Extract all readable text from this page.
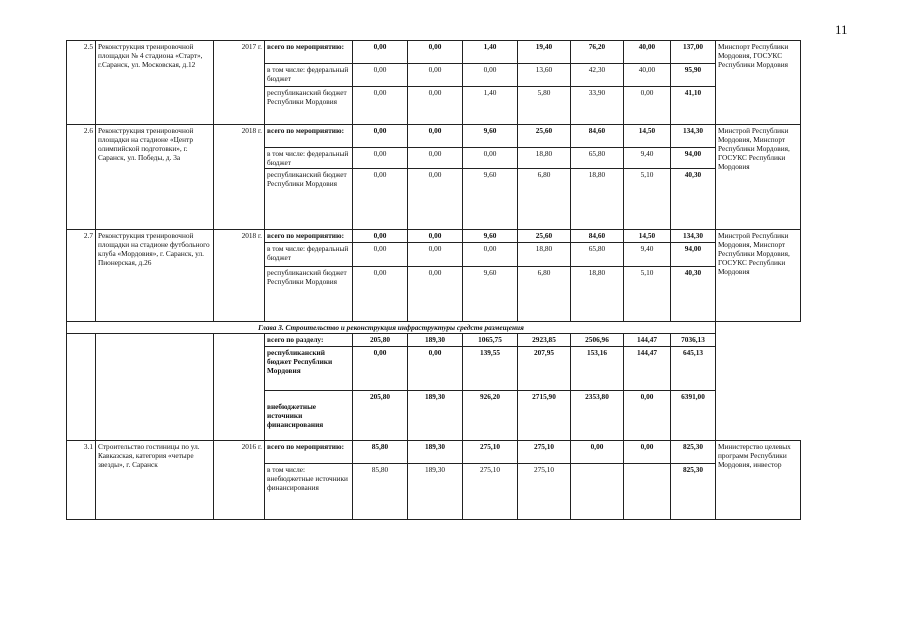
11
2.5	Реконструкция тренировочной площадки № 4 стадиона «Старт», г.Саранск, ул. Московская, д.12	2017 г.	всего по мероприятию:	0,00	0,00	1,40	19,40	76,20	40,00	137,00	Минспорт Республики Мордовия, ГОСУКС Республики Мордовия
			в том числе: федеральный бюджет	0,00	0,00	0,00	13,60	42,30	40,00	95,90	
			республиканский бюджет Республики Мордовия	0,00	0,00	1,40	5,80	33,90	0,00	41,10	
2.6	Реконструкция тренировочной площадки на стадионе «Центр олимпийской подготовки», г. Саранск, ул. Победы, д. 3а	2018 г.	всего по мероприятию:	0,00	0,00	9,60	25,60	84,60	14,50	134,30	Минстрой Республики Мордовия, Минспорт Республики Мордовия, ГОСУКС Республики Мордовия
			в том числе: федеральный бюджет	0,00	0,00	0,00	18,80	65,80	9,40	94,00	
			республиканский бюджет Республики Мордовия	0,00	0,00	9,60	6,80	18,80	5,10	40,30	
2.7	Реконструкция тренировочной площадки на стадионе футбольного клуба «Мордовия», г. Саранск, ул. Пионерская, д.26	2018 г.	всего по мероприятию:	0,00	0,00	9,60	25,60	84,60	14,50	134,30	Минстрой Республики Мордовия, Минспорт Республики Мордовия, ГОСУКС Республики Мордовия
			в том числе: федеральный бюджет	0,00	0,00	0,00	18,80	65,80	9,40	94,00	
			республиканский бюджет Республики Мордовия	0,00	0,00	9,60	6,80	18,80	5,10	40,30	
Глава 3. Строительство и реконструкция инфраструктуры средств размещения											
			всего по разделу:	205,80	189,30	1065,75	2923,85	2506,96	144,47	7036,13	
			республиканский бюджет Республики Мордовия	0,00	0,00	139,55	207,95	153,16	144,47	645,13	
			внебюджетные источники финансирования	205,80	189,30	926,20	2715,90	2353,80	0,00	6391,00	
3.1	Строительство гостиницы по ул. Кавказская, категория «четыре звезды», г. Саранск	2016 г.	всего по мероприятию:	85,80	189,30	275,10	275,10	0,00	0,00	825,30	Министерство целевых программ Республики Мордовия, инвестор
			в том числе: внебюджетные источники финансирования	85,80	189,30	275,10	275,10			825,30	
